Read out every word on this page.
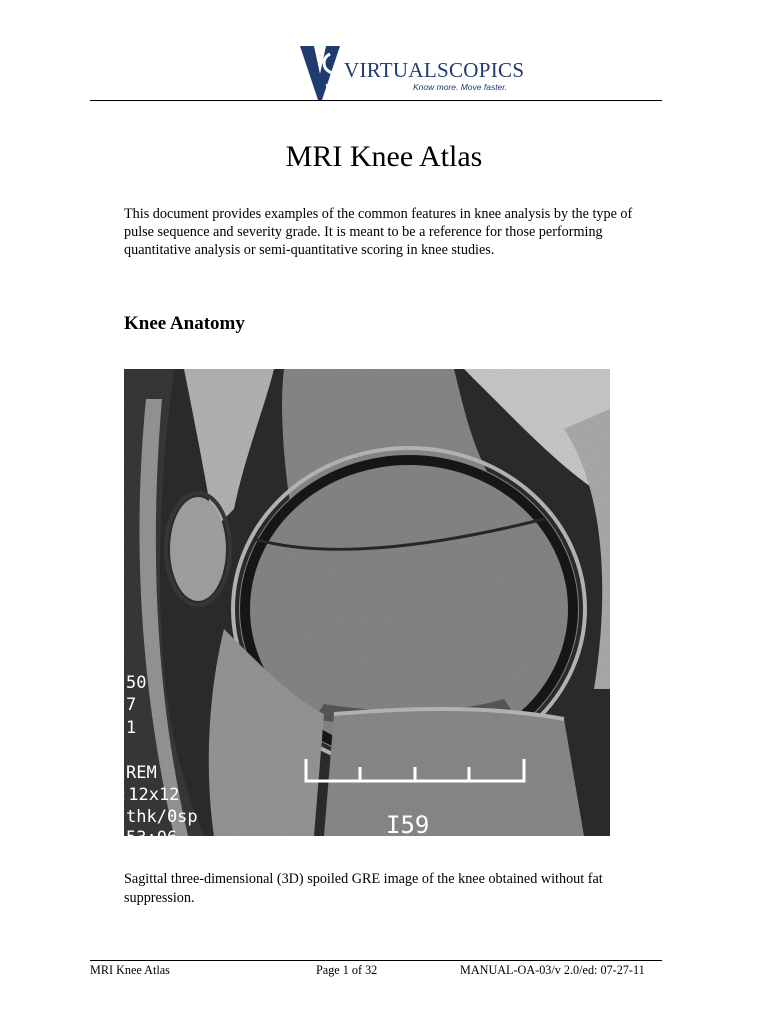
VIRTUALSCOPICS
Know more. Move faster.
MRI Knee Atlas

This document provides examples of the common features in knee analysis by the type of pulse sequence and severity grade. It is meant to be a reference for those performing quantitative analysis or semi-quantitative scoring in knee studies.

Knee Anatomy
50
7
1
REM
:12x12
thk/0sp
53:06	I59

Sagittal three-dimensional (3D) spoiled GRE image of the knee obtained without fat suppression.

MRI Knee Atlas	Page 1 of 32	MANUAL-OA-03/v 2.0/ed: 07-27-11
